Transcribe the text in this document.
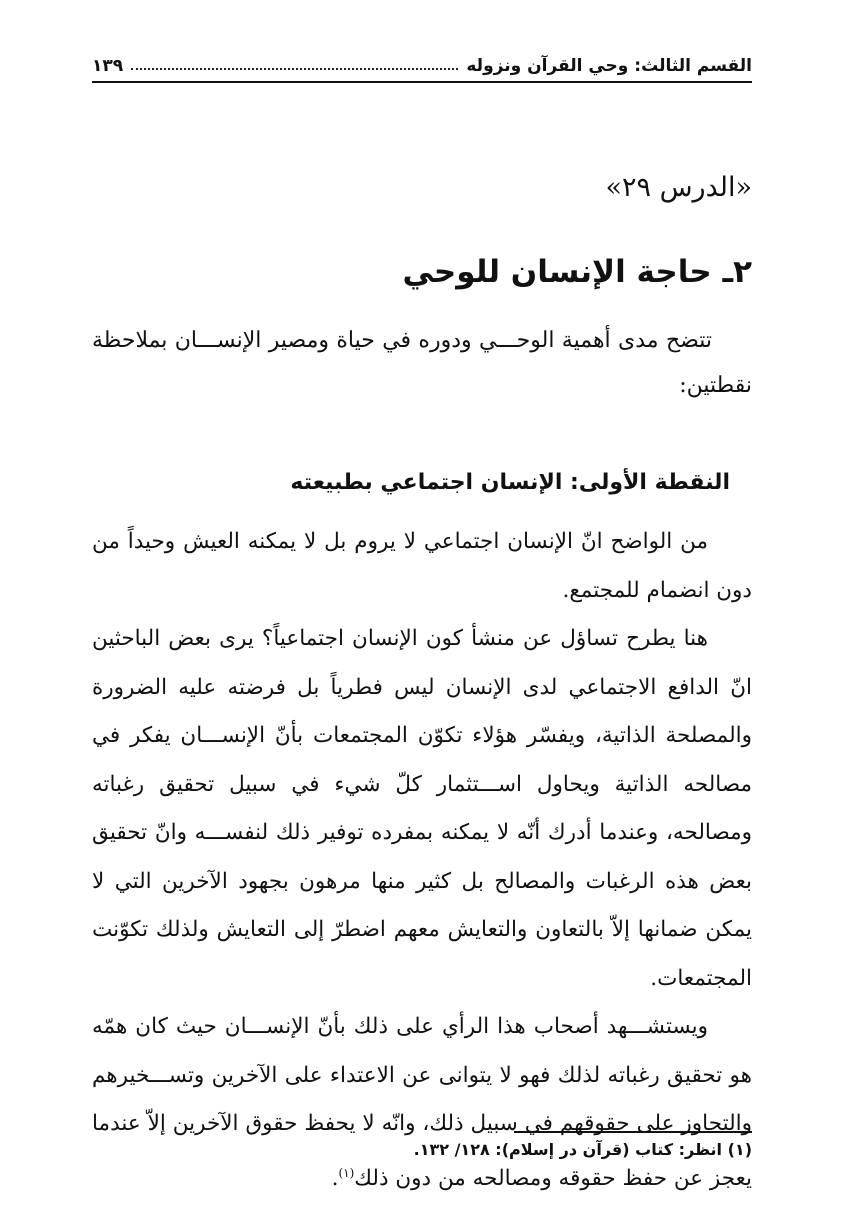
القسم الثالث: وحي القرآن ونزوله
١٣٩
«الدرس ٢٩»
٢ـ حاجة الإنسان للوحي
تتضح مدى أهمية الوحـــي ودوره في حياة ومصير الإنســـان بملاحظة نقطتين:
النقطة الأولى: الإنسان اجتماعي بطبيعته

من الواضح انّ الإنسان اجتماعي لا يروم بل لا يمكنه العيش وحيداً من دون انضمام للمجتمع.

هنا يطرح تساؤل عن منشأ كون الإنسان اجتماعياً؟ يرى بعض الباحثين انّ الدافع الاجتماعي لدى الإنسان ليس فطرياً بل فرضته عليه الضرورة والمصلحة الذاتية، ويفسّر هؤلاء تكوّن المجتمعات بأنّ الإنســـان يفكر في مصالحه الذاتية ويحاول اســـتثمار كلّ شيء في سبيل تحقيق رغباته ومصالحه، وعندما أدرك أنّه لا يمكنه بمفرده توفير ذلك لنفســـه وانّ تحقيق بعض هذه الرغبات والمصالح بل كثير منها مرهون بجهود الآخرين التي لا يمكن ضمانها إلاّ بالتعاون والتعايش معهم اضطرّ إلى التعايش ولذلك تكوّنت المجتمعات.

ويستشـــهد أصحاب هذا الرأي على ذلك بأنّ الإنســـان حيث كان همّه هو تحقيق رغباته لذلك فهو لا يتوانى عن الاعتداء على الآخرين وتســـخيرهم والتجاوز على حقوقهم في سبيل ذلك، وانّه لا يحفظ حقوق الآخرين إلاّ عندما يعجز عن حفظ حقوقه ومصالحه من دون ذلك$^{(١)}$.

(١) انظر: كتاب (قرآن در إسلام): ١٢٨/ ١٣٢.
